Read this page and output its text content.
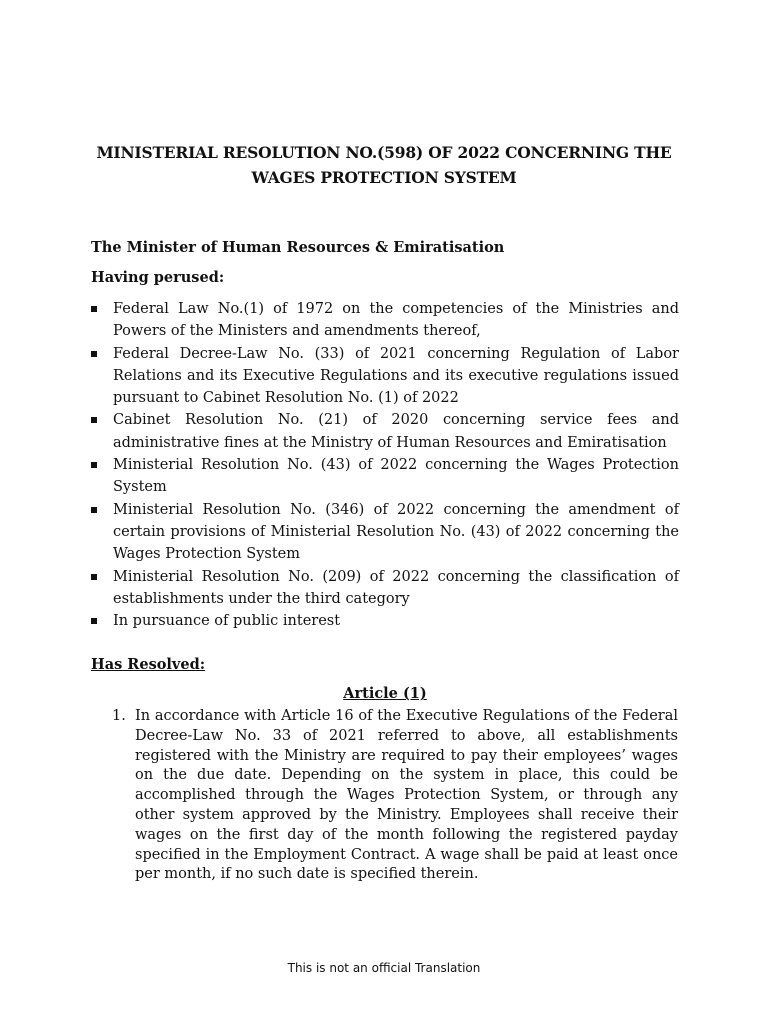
MINISTERIAL RESOLUTION NO.(598) OF 2022 CONCERNING THE WAGES PROTECTION SYSTEM
The Minister of Human Resources & Emiratisation
Having perused:
Federal Law No.(1) of 1972 on the competencies of the Ministries and Powers of the Ministers and amendments thereof,
Federal Decree-Law No. (33) of 2021 concerning Regulation of Labor Relations and its Executive Regulations and its executive regulations issued pursuant to Cabinet Resolution No. (1) of 2022
Cabinet Resolution No. (21) of 2020 concerning service fees and administrative fines at the Ministry of Human Resources and Emiratisation
Ministerial Resolution No. (43) of 2022 concerning the Wages Protection System
Ministerial Resolution No. (346) of 2022 concerning the amendment of certain provisions of Ministerial Resolution No. (43) of 2022 concerning the Wages Protection System
Ministerial Resolution No. (209) of 2022 concerning the classification of establishments under the third category
In pursuance of public interest
Has Resolved:
Article (1)
1. In accordance with Article 16 of the Executive Regulations of the Federal Decree-Law No. 33 of 2021 referred to above, all establishments registered with the Ministry are required to pay their employees’ wages on the due date. Depending on the system in place, this could be accomplished through the Wages Protection System, or through any other system approved by the Ministry. Employees shall receive their wages on the first day of the month following the registered payday specified in the Employment Contract. A wage shall be paid at least once per month, if no such date is specified therein.
This is not an official Translation
